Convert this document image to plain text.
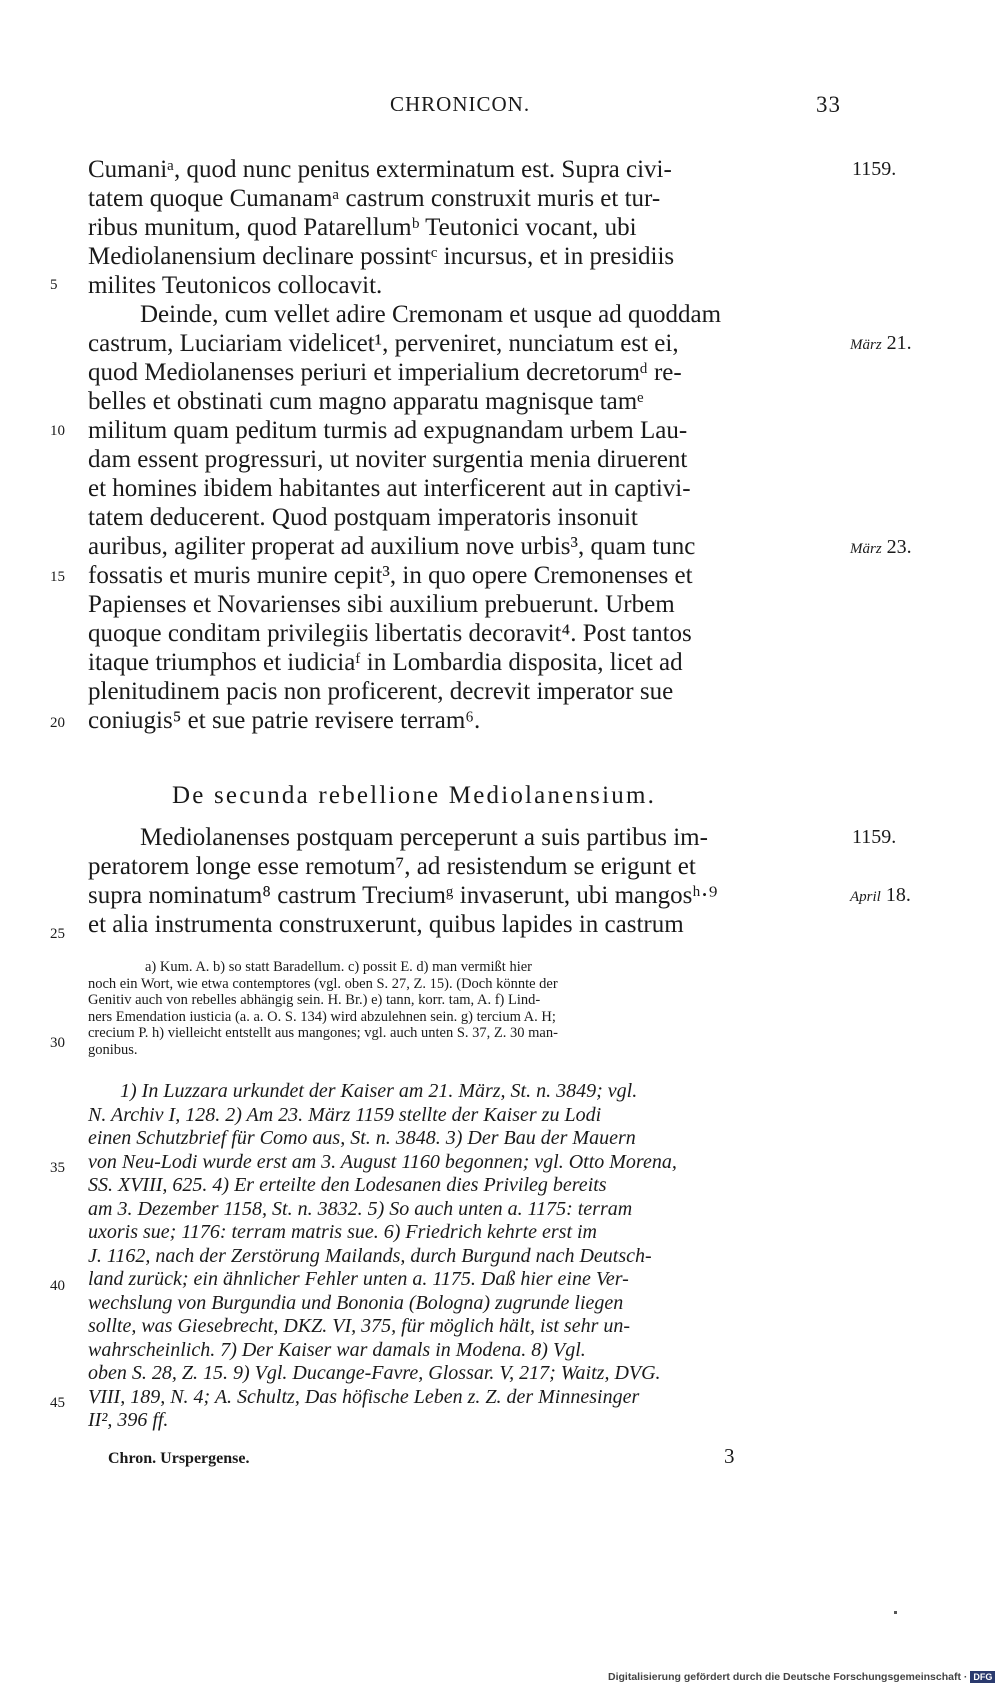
CHRONICON.	33
Cumaniᵃ, quod nunc penitus exterminatum est. Supra civi-
tatem quoque Cumanamᵃ castrum construxit muris et tur-
ribus munitum, quod Patarellumᵇ Teutonici vocant, ubi
Mediolanensium declinare possintᶜ incursus, et in presidiis
milites Teutonicos collocavit.
Deinde, cum vellet adire Cremonam et usque ad quoddam
castrum, Luciariam videlicet¹, perveniret, nunciatum est ei,
quod Mediolanenses periuri et imperialium decretorumᵈ re-
belles et obstinati cum magno apparatu magnisque tamᵉ
militum quam peditum turmis ad expugnandam urbem Lau-
dam essent progressuri, ut noviter surgentia menia diruerent
et homines ibidem habitantes aut interficerent aut in captivi-
tatem deducerent. Quod postquam imperatoris insonuit
auribus, agiliter properat ad auxilium nove urbis³, quam tunc
fossatis et muris munire cepit³, in quo opere Cremonenses et
Papienses et Novarienses sibi auxilium prebuerunt. Urbem
quoque conditam privilegiis libertatis decoravit⁴. Post tantos
itaque triumphos et iudiciaᶠ in Lombardia disposita, licet ad
plenitudinem pacis non proficerent, decrevit imperator sue
coniugis⁵ et sue patrie revisere terram⁶.
De secunda rebellione Mediolanensium.
Mediolanenses postquam perceperunt a suis partibus im-
peratorem longe esse remotum⁷, ad resistendum se erigunt et
supra nominatum⁸ castrum Treciumᵍ invaserunt, ubi mangosʰ·⁹
et alia instrumenta construxerunt, quibus lapides in castrum
5
10
15
20
25
30
35
40
45
1159.
März 21.
März 23.
1159.
April 18.
a) Kum. A. b) so statt Baradellum. c) possit E. d) man vermißt hier
noch ein Wort, wie etwa contemptores (vgl. oben S. 27, Z. 15). (Doch könnte der
Genitiv auch von rebelles abhängig sein. H. Br.) e) tann, korr. tam, A. f) Lind-
ners Emendation iusticia (a. a. O. S. 134) wird abzulehnen sein. g) tercium A. H;
crecium P. h) vielleicht entstellt aus mangones; vgl. auch unten S. 37, Z. 30 man-
gonibus.
1) In Luzzara urkundet der Kaiser am 21. März, St. n. 3849; vgl.
N. Archiv I, 128. 2) Am 23. März 1159 stellte der Kaiser zu Lodi
einen Schutzbrief für Como aus, St. n. 3848. 3) Der Bau der Mauern
von Neu-Lodi wurde erst am 3. August 1160 begonnen; vgl. Otto Morena,
SS. XVIII, 625. 4) Er erteilte den Lodesanen dies Privileg bereits
am 3. Dezember 1158, St. n. 3832. 5) So auch unten a. 1175: terram
uxoris sue; 1176: terram matris sue. 6) Friedrich kehrte erst im
J. 1162, nach der Zerstörung Mailands, durch Burgund nach Deutsch-
land zurück; ein ähnlicher Fehler unten a. 1175. Daß hier eine Ver-
wechslung von Burgundia und Bononia (Bologna) zugrunde liegen
sollte, was Giesebrecht, DKZ. VI, 375, für möglich hält, ist sehr un-
wahrscheinlich. 7) Der Kaiser war damals in Modena. 8) Vgl.
oben S. 28, Z. 15. 9) Vgl. Ducange-Favre, Glossar. V, 217; Waitz, DVG.
VIII, 189, N. 4; A. Schultz, Das höfische Leben z. Z. der Minnesinger
II², 396 ff.
Chron. Urspergense.	3
Digitalisierung gefördert durch die Deutsche Forschungsgemeinschaft · DFG
